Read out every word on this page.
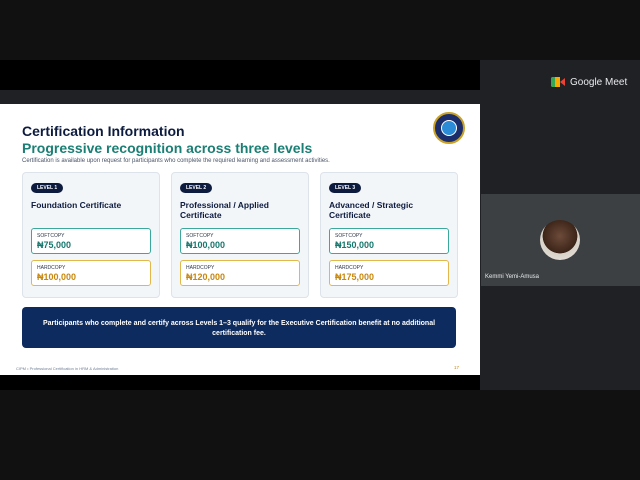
Google Meet
Kemmi Yemi-Amusa
Certification Information
Progressive recognition across three levels
Certification is available upon request for participants who complete the required learning and assessment activities.
LEVEL 1
Foundation Certificate
SOFTCOPY
₦75,000
HARDCOPY
₦100,000
LEVEL 2
Professional / Applied Certificate
SOFTCOPY
₦100,000
HARDCOPY
₦120,000
LEVEL 3
Advanced / Strategic Certificate
SOFTCOPY
₦150,000
HARDCOPY
₦175,000
Participants who complete and certify across Levels 1–3 qualify for the Executive Certification benefit at no additional certification fee.
CIPM • Professional Certification in HRM & Administration	17
